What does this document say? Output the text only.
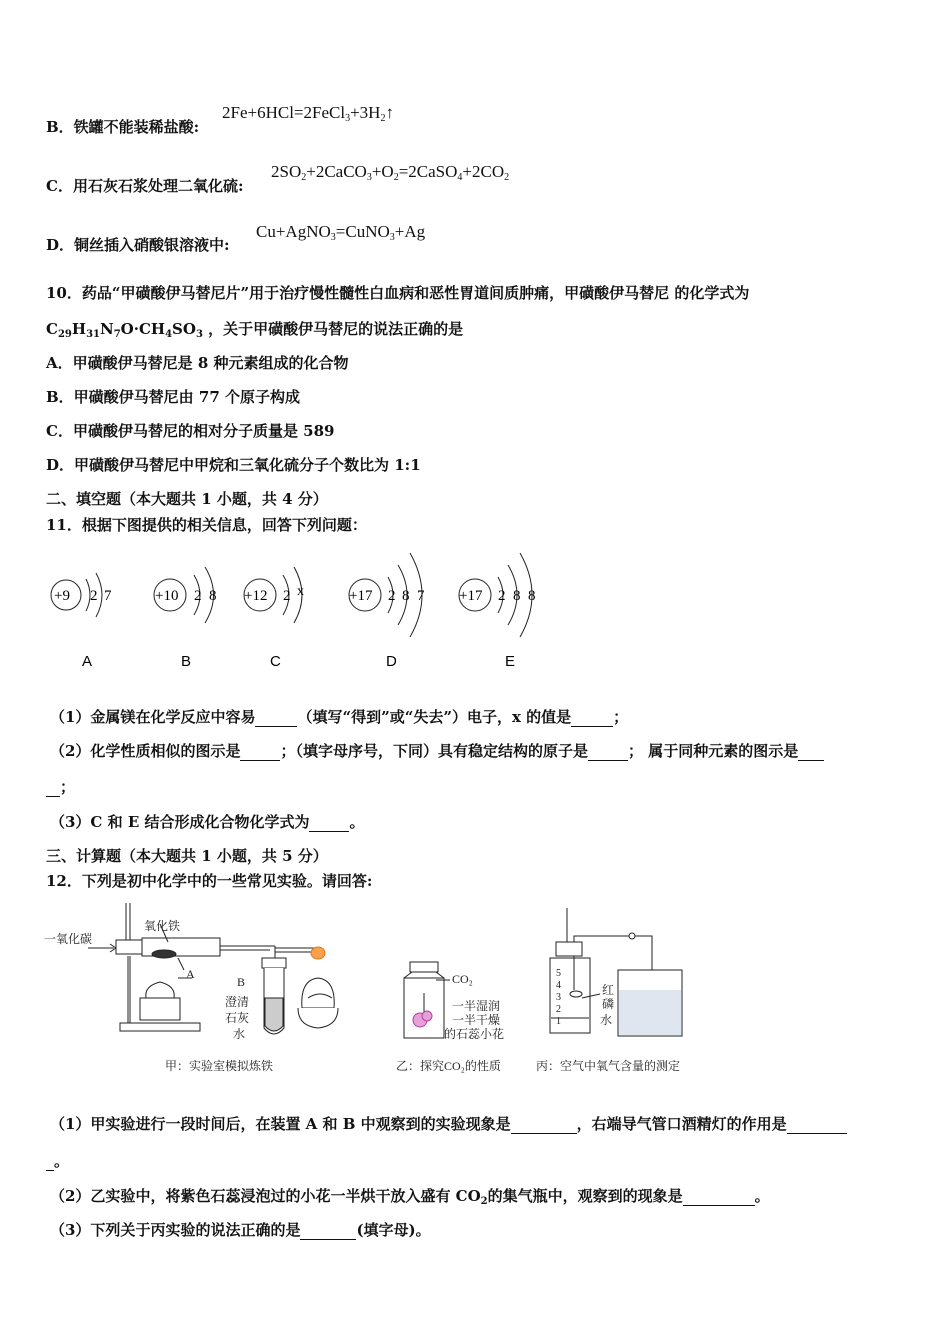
B．铁罐不能装稀盐酸:
$2Fe+6HCl=2FeCl_3+3H_2↑$
C．用石灰石浆处理二氧化硫:
$2SO_2+2CaCO_3+O_2=2CaSO_4+2CO_2$
D．铜丝插入硝酸银溶液中:
Cu+AgNO$_3$=CuNO$_3$+Ag
10．药品“甲磺酸伊马替尼片”用于治疗慢性髓性白血病和恶性胃道间质肿痛，甲磺酸伊马替尼 的化学式为
$C_{29}H_{31}N_7O\cdot CH_4SO_3$ ，关于甲磺酸伊马替尼的说法正确的是
A．甲磺酸伊马替尼是 8 种元素组成的化合物
B．甲磺酸伊马替尼由 77 个原子构成
C．甲磺酸伊马替尼的相对分子质量是 589
D．甲磺酸伊马替尼中甲烷和三氧化硫分子个数比为 1:1
二、填空题（本大题共 1 小题，共 4 分）
11．根据下图提供的相关信息，回答下列问题：
+9 2 7
A
+10 2 8
B
+12 2 x
C
+17 2 8 7
D
+17 2 8 8
E
（1）金属镁在化学反应中容易	（填写“得到”或“失去”）电子，x 的值是	；
（2）化学性质相似的图示是	；（填字母序号，下同）具有稳定结构的原子是	； 属于同种元素的图示是
；
（3）C 和 E 结合形成化合物化学式为	。
三、计算题（本大题共 1 小题，共 5 分）
12．下列是初中化学中的一些常见实验。请回答:
一氧化碳
氧化铁
A
B
澄清
石灰
水
甲：实验室模拟炼铁
CO₂
一半湿润
一半干燥
的石蕊小花
乙：探究CO₂的性质
5
4
3
2
1
红
磷
水
丙：空气中氧气含量的测定
（1）甲实验进行一段时间后，在装置 A 和 B 中观察到的实验现象是	，右端导气管口酒精灯的作用是
。
（2）乙实验中，将紫色石蕊浸泡过的小花一半烘干放入盛有 $CO_2$的集气瓶中，观察到的现象是	。
（3）下列关于丙实验的说法正确的是	(填字母)。
